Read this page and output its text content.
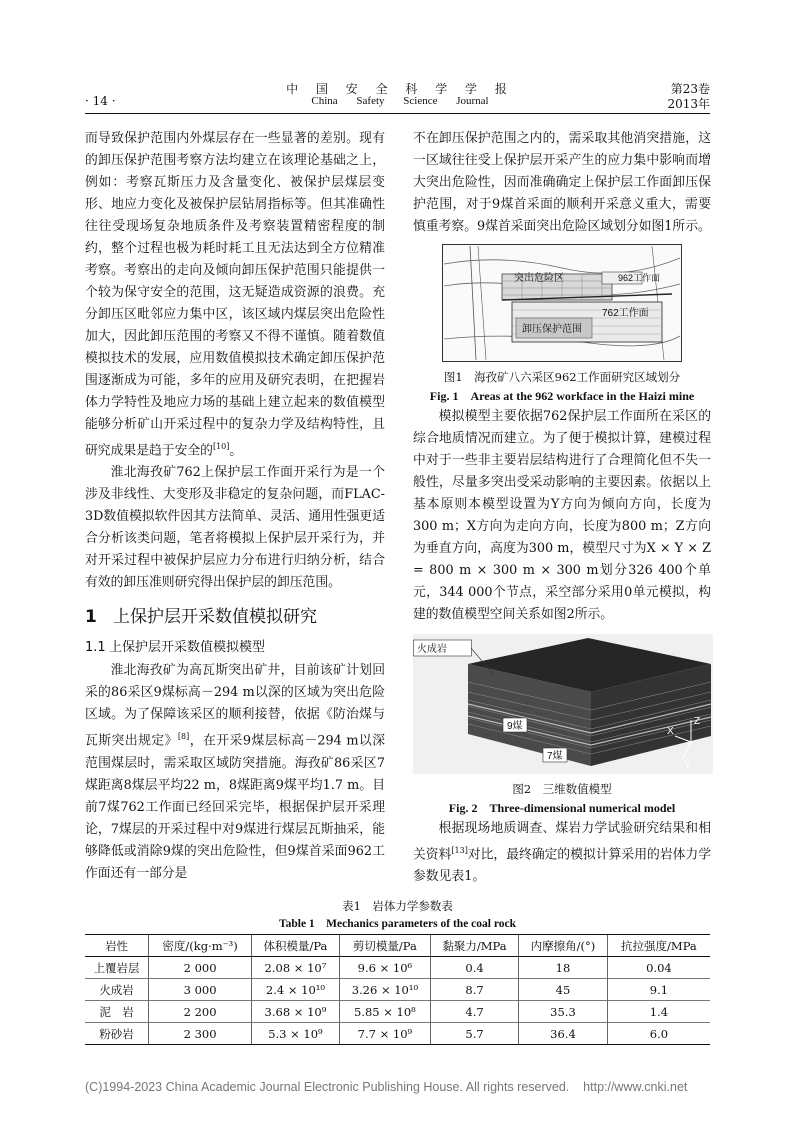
· 14 ·
中 国 安 全 科 学 学 报
China Safety Science Journal
第23卷
2013年

而导致保护范围内外煤层存在一些显著的差别。现有的卸压保护范围考察方法均建立在该理论基础之上，例如：考察瓦斯压力及含量变化、被保护层煤层变形、地应力变化及被保护层钻屑指标等。但其准确性往往受现场复杂地质条件及考察装置精密程度的制约，整个过程也极为耗时耗工且无法达到全方位精准考察。考察出的走向及倾向卸压保护范围只能提供一个较为保守安全的范围，这无疑造成资源的浪费。充分卸压区毗邻应力集中区，该区域内煤层突出危险性加大，因此卸压范围的考察又不得不谨慎。随着数值模拟技术的发展，应用数值模拟技术确定卸压保护范围逐渐成为可能，多年的应用及研究表明，在把握岩体力学特性及地应力场的基础上建立起来的数值模型能够分析矿山开采过程中的复杂力学及结构特性，且研究成果是趋于安全的[10]。

淮北海孜矿762上保护层工作面开采行为是一个涉及非线性、大变形及非稳定的复杂问题，而FLAC-3D数值模拟软件因其方法简单、灵活、通用性强更适合分析该类问题，笔者将模拟上保护层开采行为，并对开采过程中被保护层应力分布进行归纳分析，结合有效的卸压准则研究得出保护层的卸压范围。

1 上保护层开采数值模拟研究

1.1 上保护层开采数值模拟模型

淮北海孜矿为高瓦斯突出矿井，目前该矿计划回采的86采区9煤标高－294 m以深的区域为突出危险区域。为了保障该采区的顺利接替，依据《防治煤与瓦斯突出规定》[8]，在开采9煤层标高－294 m以深范围煤层时，需采取区域防突措施。海孜矿86采区7煤距离8煤层平均22 m，8煤距离9煤平均1.7 m。目前7煤762工作面已经回采完毕，根据保护层开采理论，7煤层的开采过程中对9煤进行煤层瓦斯抽采，能够降低或消除9煤的突出危险性，但9煤首采面962工作面还有一部分是

不在卸压保护范围之内的，需采取其他消突措施，这一区域往往受上保护层开采产生的应力集中影响而增大突出危险性，因而准确确定上保护层工作面卸压保护范围，对于9煤首采面的顺利开采意义重大，需要慎重考察。9煤首采面突出危险区域划分如图1所示。

突出危险区	962工作面
762工作面
卸压保护范围
图1　海孜矿八六采区962工作面研究区域划分
Fig. 1　Areas at the 962 workface in the Haizi mine

模拟模型主要依据762保护层工作面所在采区的综合地质情况而建立。为了便于模拟计算，建模过程中对于一些非主要岩层结构进行了合理简化但不失一般性，尽量多突出受采动影响的主要因素。依据以上基本原则本模型设置为Y方向为倾向方向，长度为300 m；X方向为走向方向，长度为800 m；Z方向为垂直方向，高度为300 m，模型尺寸为X × Y × Z = 800 m × 300 m × 300 m划分326 400个单元，344 000个节点，采空部分采用0单元模拟，构建的数值模型空间关系如图2所示。

火成岩
9煤
7煤
Z
X
Y
图2　三维数值模型
Fig. 2　Three-dimensional numerical model

根据现场地质调查、煤岩力学试验研究结果和相关资料[13]对比，最终确定的模拟计算采用的岩体力学参数见表1。

表1　岩体力学参数表
Table 1　Mechanics parameters of the coal rock
岩性	密度/(kg·m⁻³)	体积模量/Pa	剪切模量/Pa	黏聚力/MPa	内摩擦角/(°)	抗拉强度/MPa
上覆岩层	2 000	2.08 × 10⁷	9.6 × 10⁶	0.4	18	0.04
火成岩	3 000	2.4 × 10¹⁰	3.26 × 10¹⁰	8.7	45	9.1
泥　岩	2 200	3.68 × 10⁹	5.85 × 10⁸	4.7	35.3	1.4
粉砂岩	2 300	5.3 × 10⁹	7.7 × 10⁹	5.7	36.4	6.0
(C)1994-2023 China Academic Journal Electronic Publishing House. All rights reserved.    http://www.cnki.net
